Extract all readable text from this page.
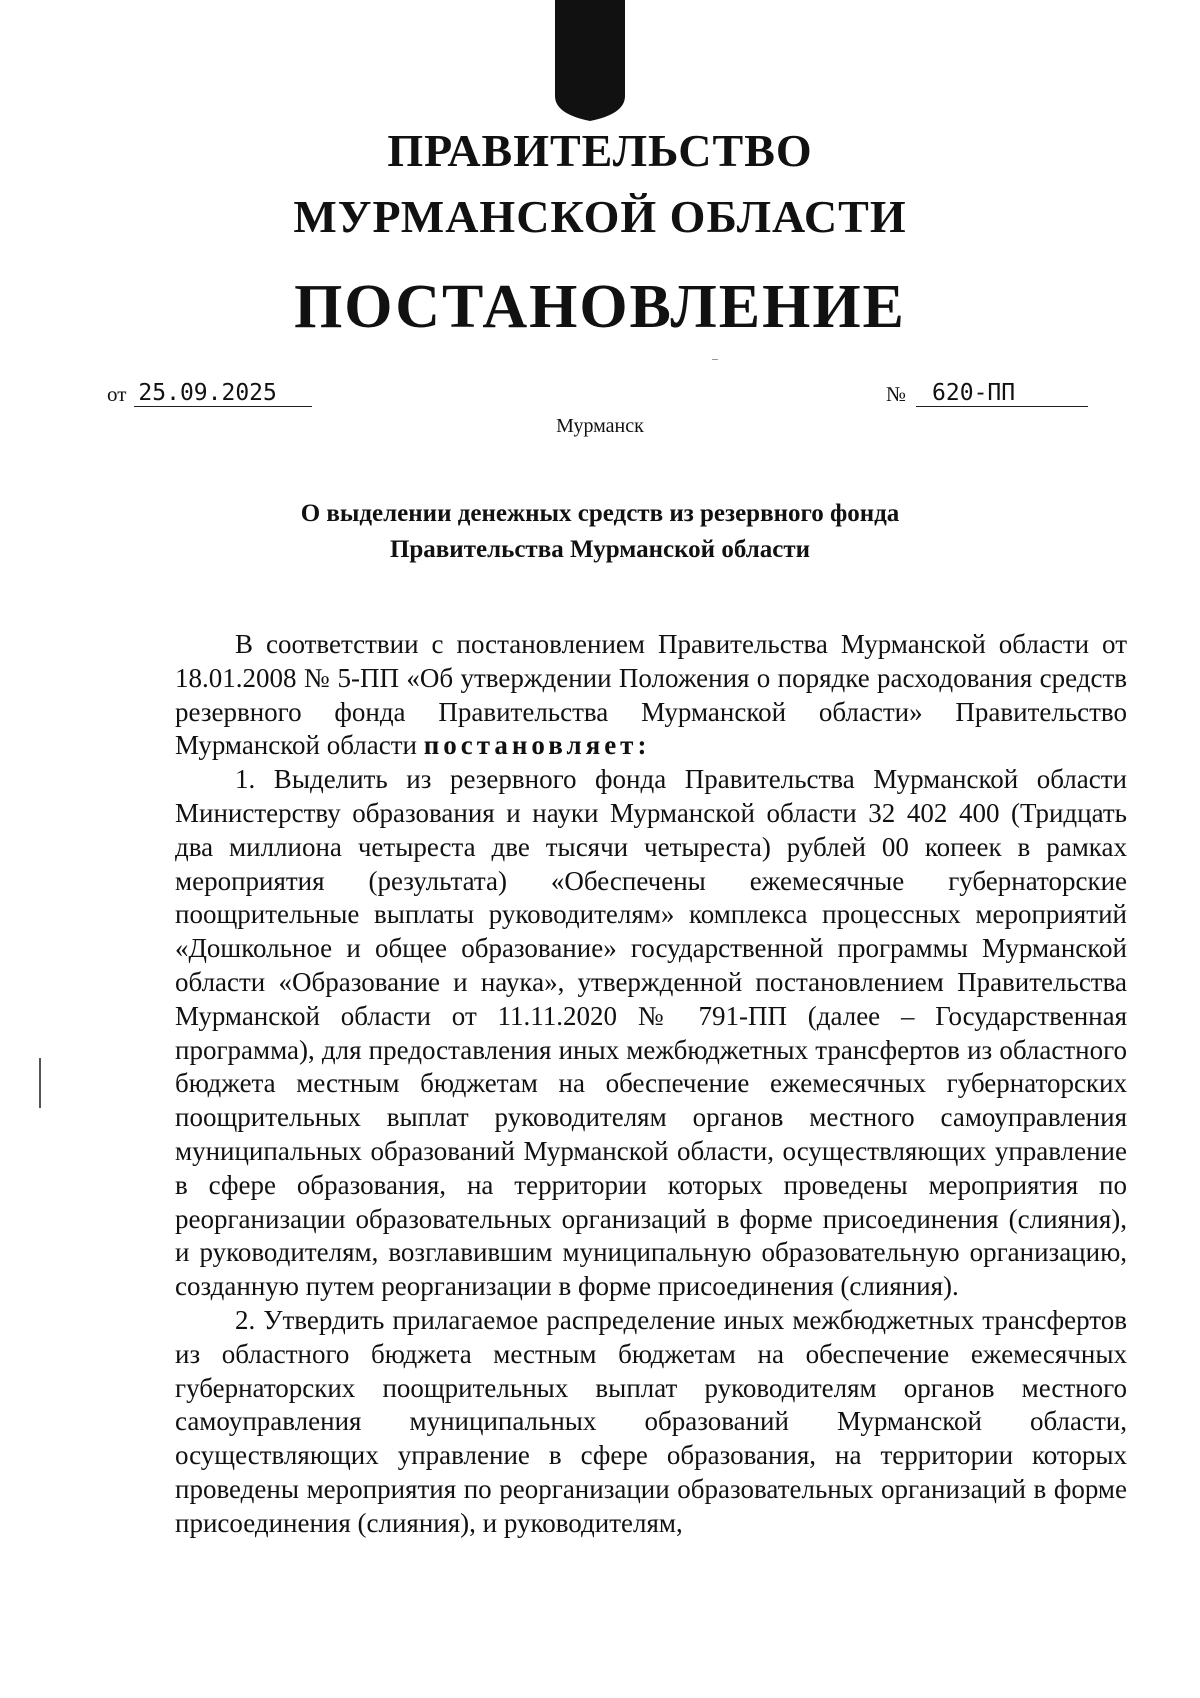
ПРАВИТЕЛЬСТВО
МУРМАНСКОЙ ОБЛАСТИ
ПОСТАНОВЛЕНИЕ
от 25.09.2025	№	620-ПП
Мурманск
О выделении денежных средств из резервного фонда
Правительства Мурманской области

В соответствии с постановлением Правительства Мурманской области от 18.01.2008 № 5-ПП «Об утверждении Положения о порядке расходования средств резервного фонда Правительства Мурманской области» Правительство Мурманской области постановляет:

1. Выделить из резервного фонда Правительства Мурманской области Министерству образования и науки Мурманской области 32 402 400 (Тридцать два миллиона четыреста две тысячи четыреста) рублей 00 копеек в рамках мероприятия (результата) «Обеспечены ежемесячные губернаторские поощрительные выплаты руководителям» комплекса процессных мероприятий «Дошкольное и общее образование» государственной программы Мурманской области «Образование и наука», утвержденной постановлением Правительства Мурманской области от 11.11.2020 № 791-ПП (далее – Государственная программа), для предоставления иных межбюджетных трансфертов из областного бюджета местным бюджетам на обеспечение ежемесячных губернаторских поощрительных выплат руководителям органов местного самоуправления муниципальных образований Мурманской области, осуществляющих управление в сфере образования, на территории которых проведены мероприятия по реорганизации образовательных организаций в форме присоединения (слияния), и руководителям, возглавившим муниципальную образовательную организацию, созданную путем реорганизации в форме присоединения (слияния).

2. Утвердить прилагаемое распределение иных межбюджетных трансфертов из областного бюджета местным бюджетам на обеспечение ежемесячных губернаторских поощрительных выплат руководителям органов местного самоуправления муниципальных образований Мурманской области, осуществляющих управление в сфере образования, на территории которых проведены мероприятия по реорганизации образовательных организаций в форме присоединения (слияния), и руководителям,
